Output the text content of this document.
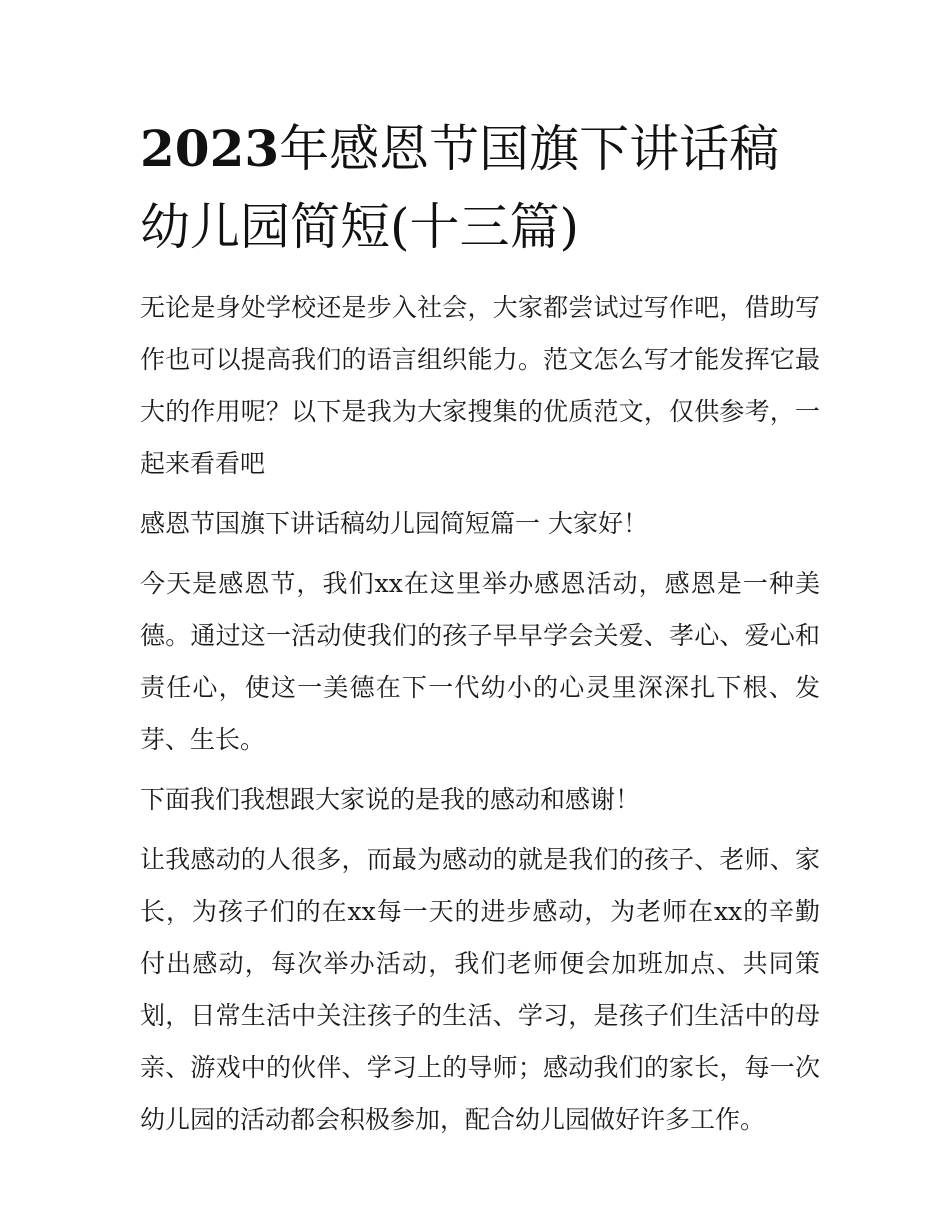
2023年感恩节国旗下讲话稿幼儿园简短(十三篇)

无论是身处学校还是步入社会，大家都尝试过写作吧，借助写作也可以提高我们的语言组织能力。范文怎么写才能发挥它最大的作用呢？以下是我为大家搜集的优质范文，仅供参考，一起来看看吧

感恩节国旗下讲话稿幼儿园简短篇一 大家好！

今天是感恩节，我们xx在这里举办感恩活动，感恩是一种美德。通过这一活动使我们的孩子早早学会关爱、孝心、爱心和责任心，使这一美德在下一代幼小的心灵里深深扎下根、发芽、生长。

下面我们我想跟大家说的是我的感动和感谢！

让我感动的人很多，而最为感动的就是我们的孩子、老师、家长，为孩子们的在xx每一天的进步感动，为老师在xx的辛勤付出感动，每次举办活动，我们老师便会加班加点、共同策划，日常生活中关注孩子的生活、学习，是孩子们生活中的母亲、游戏中的伙伴、学习上的导师；感动我们的家长，每一次幼儿园的活动都会积极参加，配合幼儿园做好许多工作。
